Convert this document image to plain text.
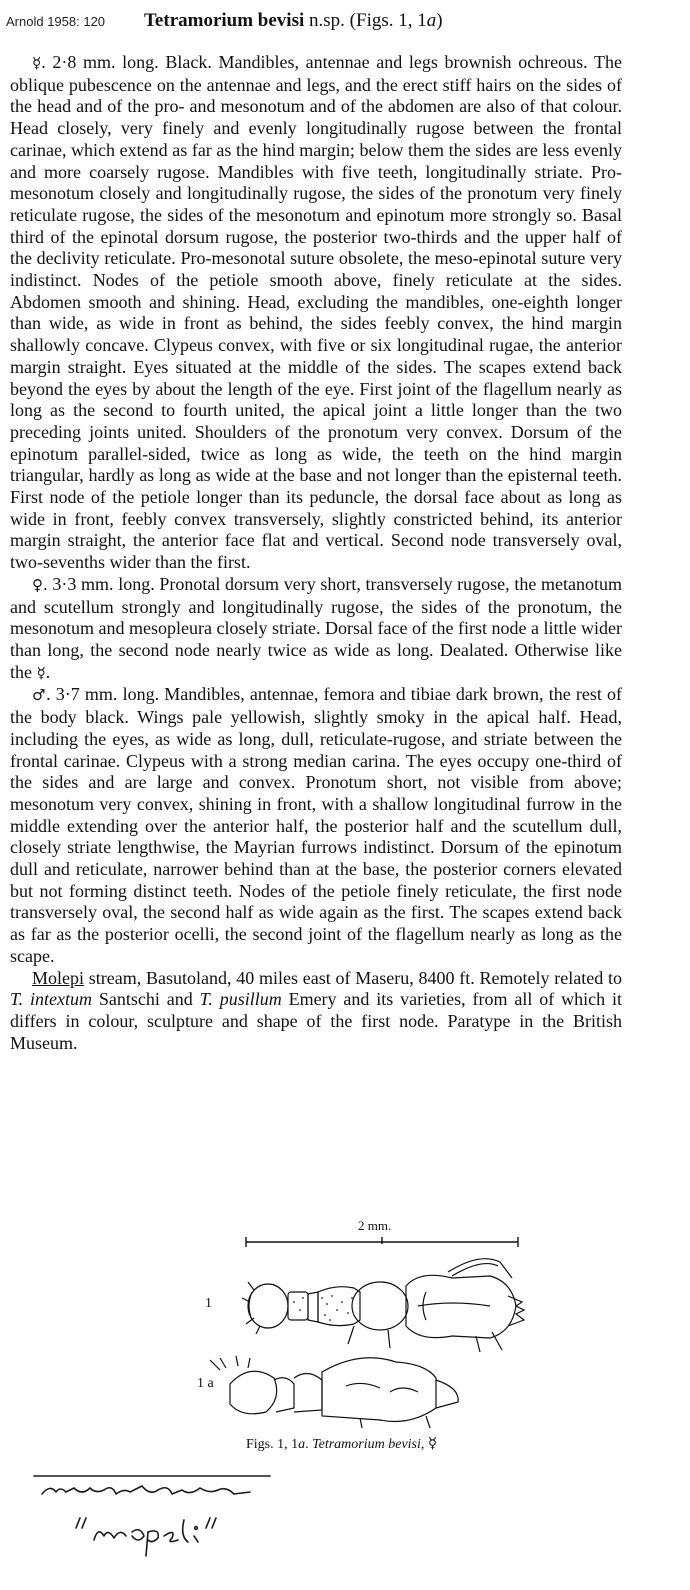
Arnold 1958: 120 Tetramorium bevisi n.sp. (Figs. 1, 1a)

☿. 2·8 mm. long. Black. Mandibles, antennae and legs brownish ochreous. The oblique pubescence on the antennae and legs, and the erect stiff hairs on the sides of the head and of the pro- and mesonotum and of the abdomen are also of that colour. Head closely, very finely and evenly longitudinally rugose between the frontal carinae, which extend as far as the hind margin; below them the sides are less evenly and more coarsely rugose. Mandibles with five teeth, longitudinally striate. Pro-mesonotum closely and longitudinally rugose, the sides of the pronotum very finely reticulate rugose, the sides of the mesonotum and epinotum more strongly so. Basal third of the epinotal dorsum rugose, the posterior two-thirds and the upper half of the declivity reticulate. Pro-mesonotal suture obsolete, the meso-epinotal suture very indistinct. Nodes of the petiole smooth above, finely reticulate at the sides. Abdomen smooth and shining. Head, excluding the mandibles, one-eighth longer than wide, as wide in front as behind, the sides feebly convex, the hind margin shallowly concave. Clypeus convex, with five or six longitudinal rugae, the anterior margin straight. Eyes situated at the middle of the sides. The scapes extend back beyond the eyes by about the length of the eye. First joint of the flagellum nearly as long as the second to fourth united, the apical joint a little longer than the two preceding joints united. Shoulders of the pronotum very convex. Dorsum of the epinotum parallel-sided, twice as long as wide, the teeth on the hind margin triangular, hardly as long as wide at the base and not longer than the episternal teeth. First node of the petiole longer than its peduncle, the dorsal face about as long as wide in front, feebly convex transversely, slightly constricted behind, its anterior margin straight, the anterior face flat and vertical. Second node transversely oval, two-sevenths wider than the first.

♀. 3·3 mm. long. Pronotal dorsum very short, transversely rugose, the metanotum and scutellum strongly and longitudinally rugose, the sides of the pronotum, the mesonotum and mesopleura closely striate. Dorsal face of the first node a little wider than long, the second node nearly twice as wide as long. Dealated. Otherwise like the ☿.

♂. 3·7 mm. long. Mandibles, antennae, femora and tibiae dark brown, the rest of the body black. Wings pale yellowish, slightly smoky in the apical half. Head, including the eyes, as wide as long, dull, reticulate-rugose, and striate between the frontal carinae. Clypeus with a strong median carina. The eyes occupy one-third of the sides and are large and convex. Pronotum short, not visible from above; mesonotum very convex, shining in front, with a shallow longitudinal furrow in the middle extending over the anterior half, the posterior half and the scutellum dull, closely striate lengthwise, the Mayrian furrows indistinct. Dorsum of the epinotum dull and reticulate, narrower behind than at the base, the posterior corners elevated but not forming distinct teeth. Nodes of the petiole finely reticulate, the first node transversely oval, the second half as wide again as the first. The scapes extend back as far as the posterior ocelli, the second joint of the flagellum nearly as long as the scape.

Molepi stream, Basutoland, 40 miles east of Maseru, 8400 ft. Remotely related to T. intextum Santschi and T. pusillum Emery and its varieties, from all of which it differs in colour, sculpture and shape of the first node. Paratype in the British Museum.

2 mm.
1
1 a
Figs. 1, 1a. Tetramorium bevisi, ☿
